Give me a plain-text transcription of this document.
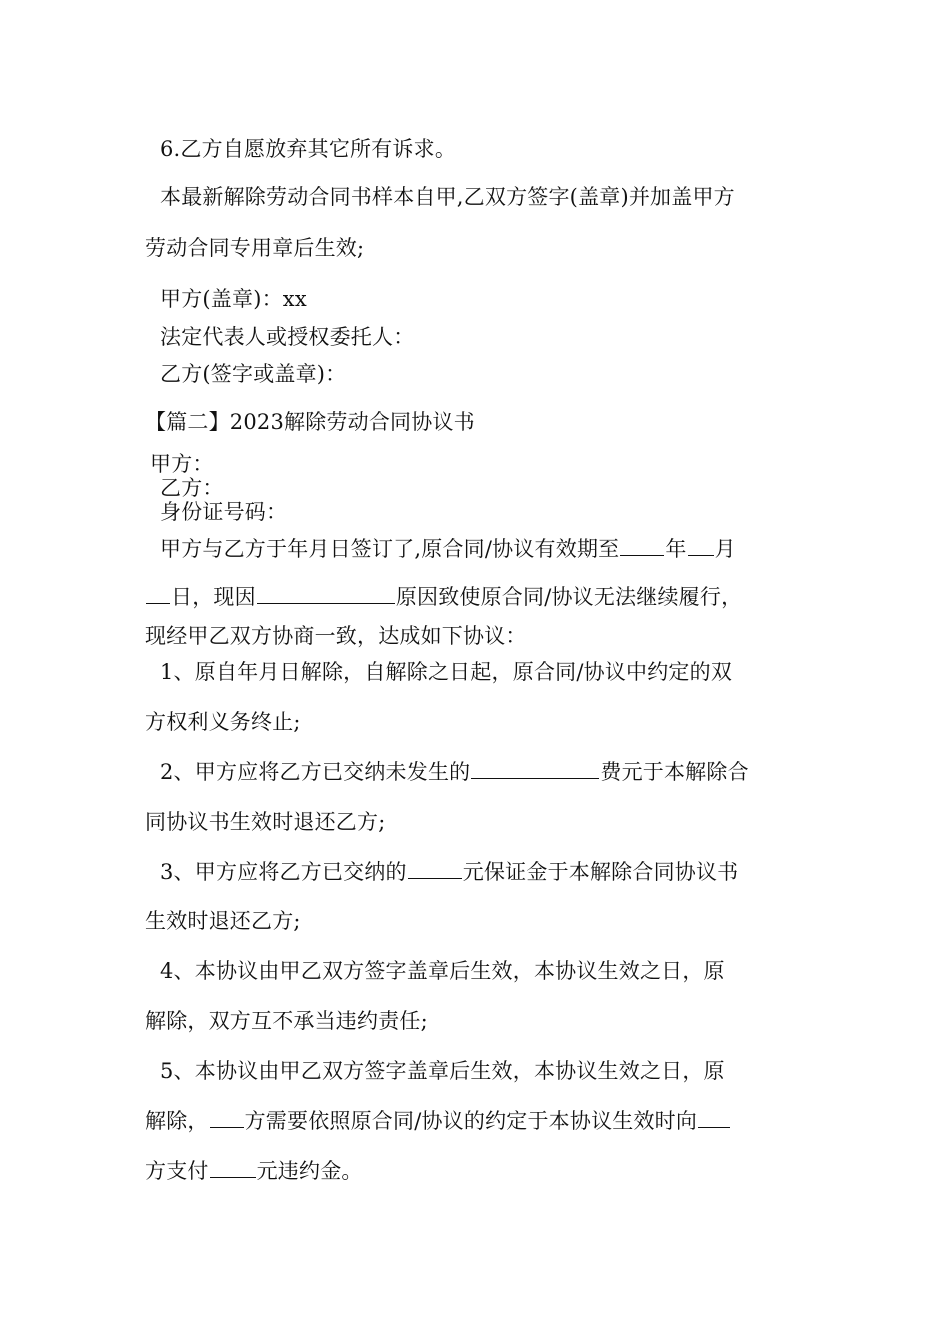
6.乙方自愿放弃其它所有诉求。
本最新解除劳动合同书样本自甲,乙双方签字(盖章)并加盖甲方
劳动合同专用章后生效;
甲方(盖章)：xx
法定代表人或授权委托人：
乙方(签字或盖章)：
【篇二】2023解除劳动合同协议书
甲方：
乙方：
身份证号码：
甲方与乙方于年月日签订了,原合同/协议有效期至 年 月
日，现因	原因致使原合同/协议无法继续履行，
现经甲乙双方协商一致，达成如下协议：
1、原自年月日解除，自解除之日起，原合同/协议中约定的双
方权利义务终止;
2、甲方应将乙方已交纳未发生的	费元于本解除合
同协议书生效时退还乙方;
3、甲方应将乙方已交纳的	元保证金于本解除合同协议书
生效时退还乙方;
4、本协议由甲乙双方签字盖章后生效，本协议生效之日，原
解除，双方互不承当违约责任;
5、本协议由甲乙双方签字盖章后生效，本协议生效之日，原
解除， 方需要依照原合同/协议的约定于本协议生效时向
方支付 元违约金。
